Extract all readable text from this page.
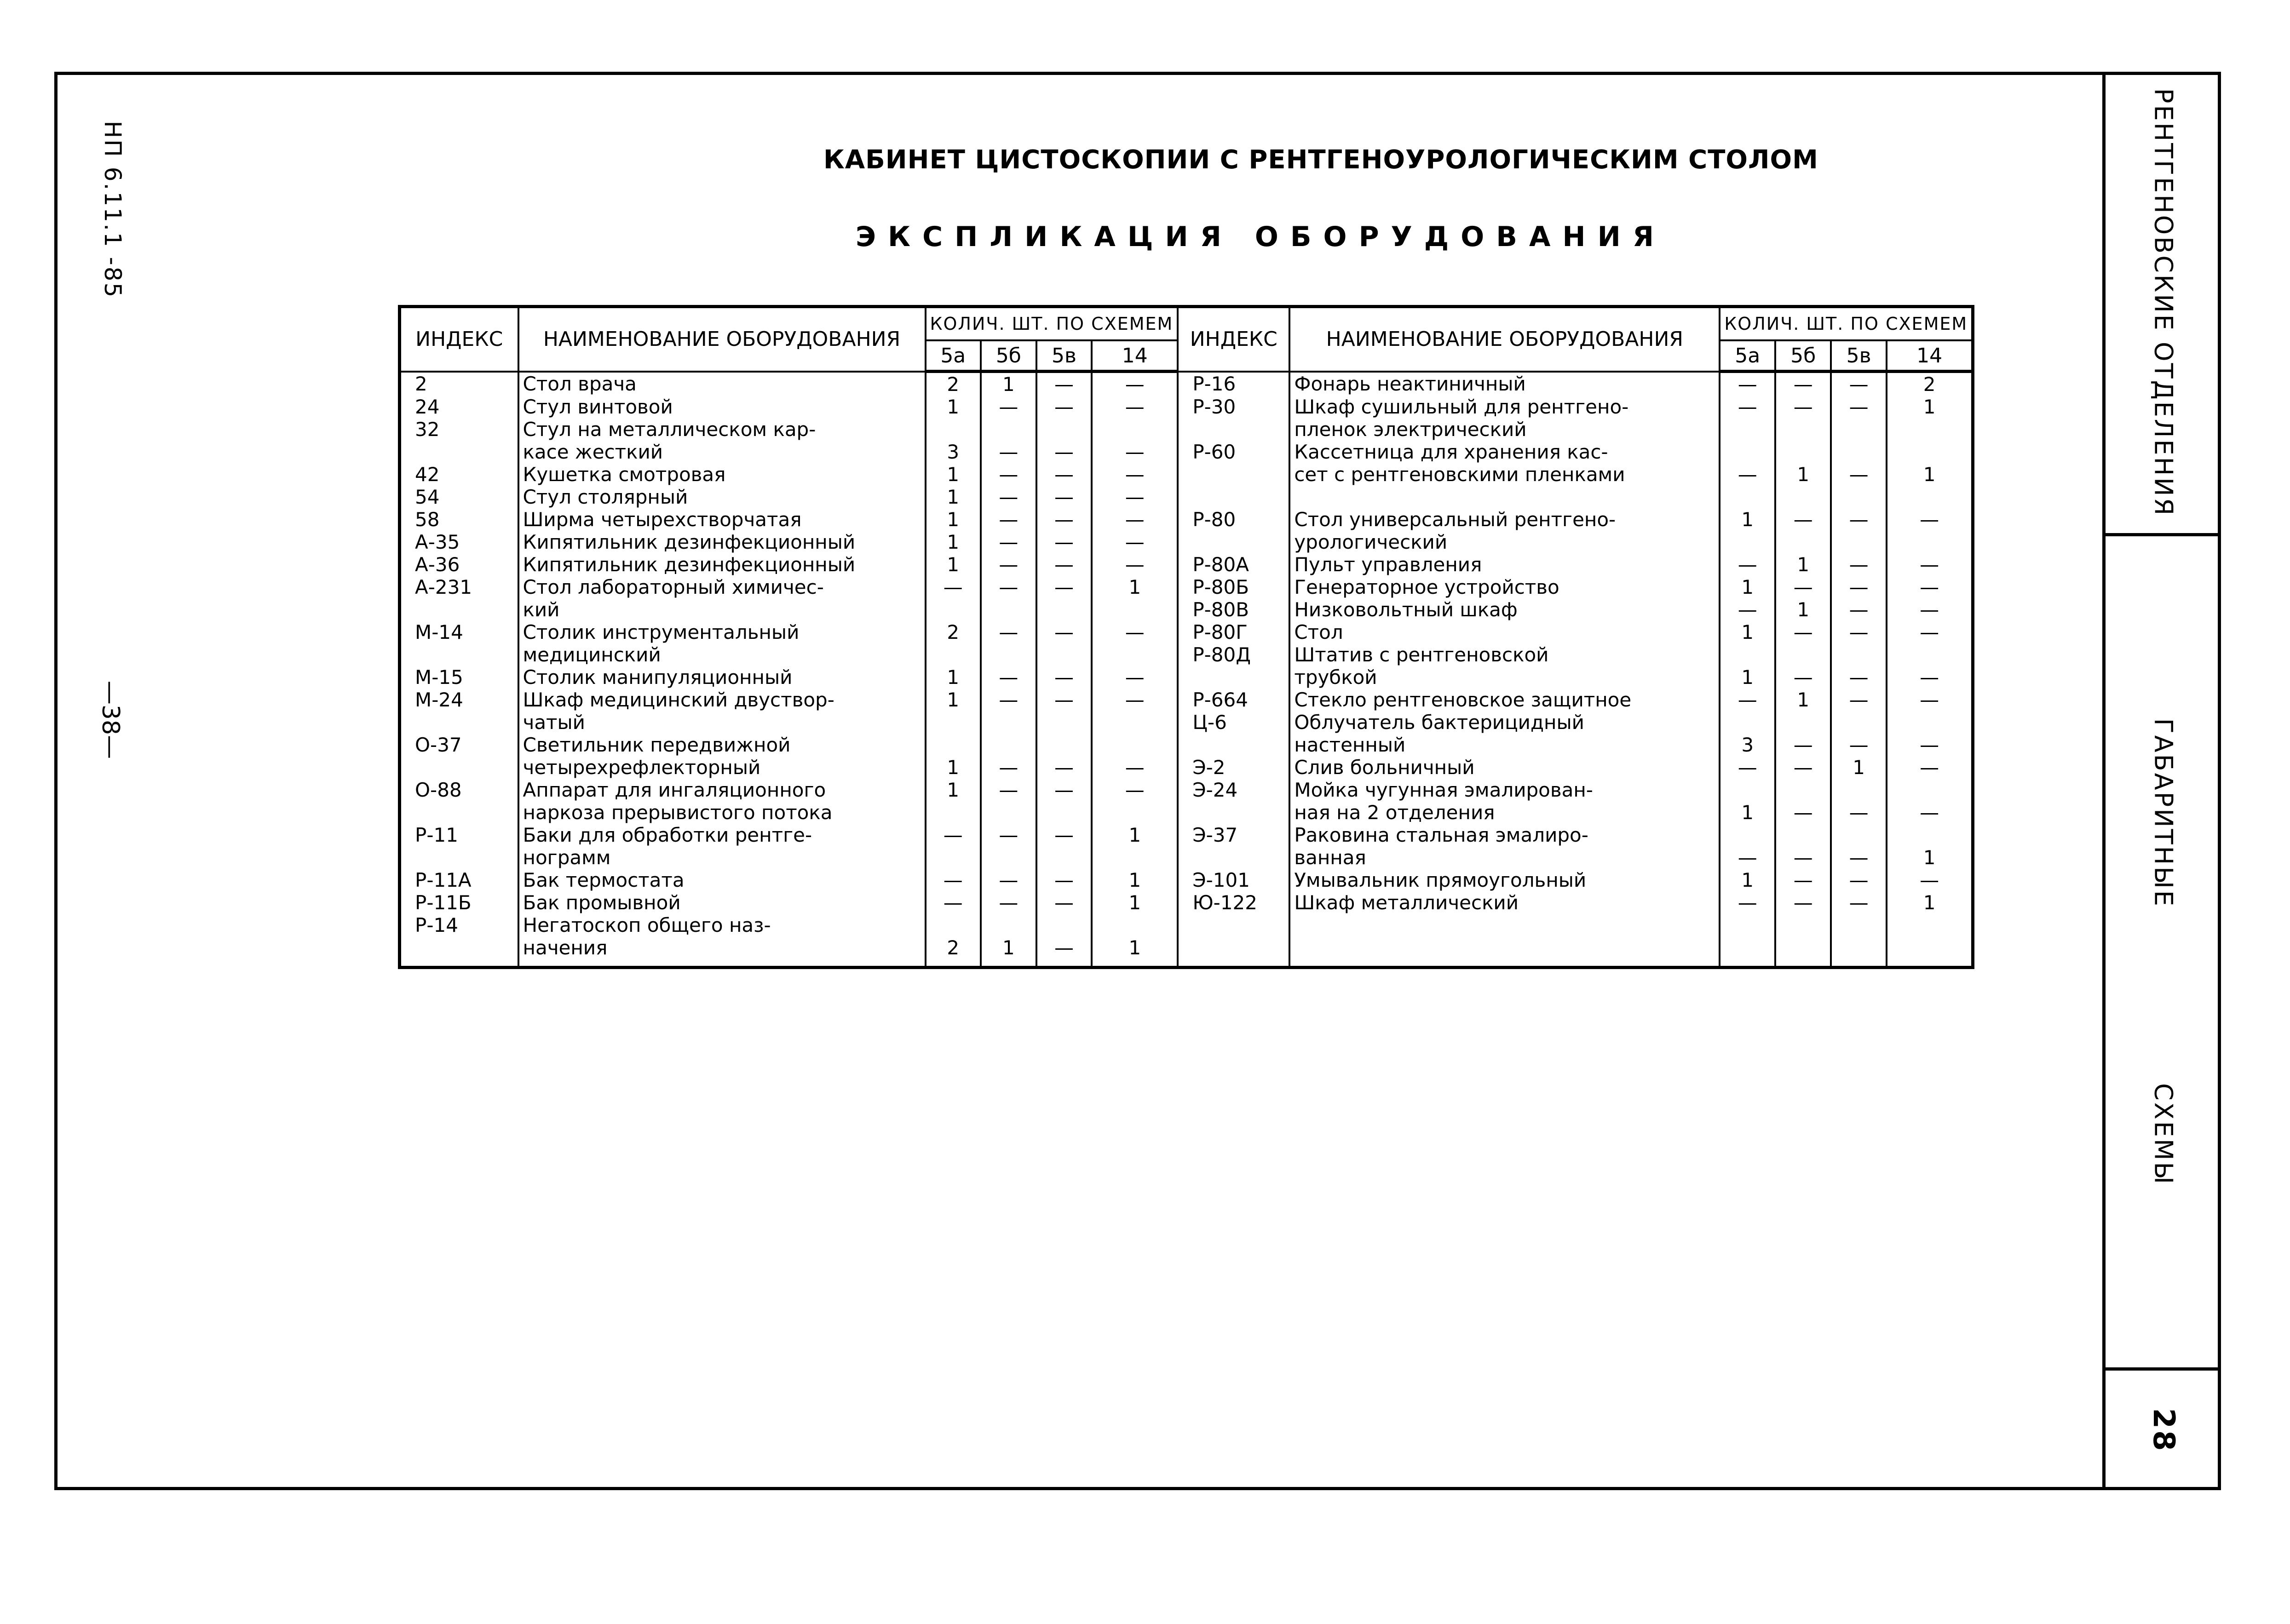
НП 6.11.1 -85
—38—
КАБИНЕТ ЦИСТОСКОПИИ С РЕНТГЕНОУРОЛОГИЧЕСКИМ СТОЛОМ
ЭКСПЛИКАЦИЯ ОБОРУДОВАНИЯ
ИНДЕКС	НАИМЕНОВАНИЕ ОБОРУДОВАНИЯ	КОЛИЧ. ШТ. ПО СХЕМЕМ				ИНДЕКС	НАИМЕНОВАНИЕ ОБОРУДОВАНИЯ	КОЛИЧ. ШТ. ПО СХЕМЕМ			
		5а	5б	5в	14			5а	5б	5в	14
2	Стол врача	2	1	—	—	Р-16	Фонарь неактиничный	—	—	—	2
24	Стул винтовой	1	—	—	—	Р-30	Шкаф сушильный для рентгено-	—	—	—	1
32	Стул на металлическом кар-						пленок электрический				
	касе жесткий	3	—	—	—	Р-60	Кассетница для хранения кас-				
42	Кушетка смотровая	1	—	—	—		сет с рентгеновскими пленками	—	1	—	1
54	Стул столярный	1	—	—	—						
58	Ширма четырехстворчатая	1	—	—	—	Р-80	Стол универсальный рентгено-	1	—	—	—
А-35	Кипятильник дезинфекционный	1	—	—	—		урологический				
А-36	Кипятильник дезинфекционный	1	—	—	—	Р-80А	Пульт управления	—	1	—	—
А-231	Стол лабораторный химичес-	—	—	—	1	Р-80Б	Генераторное устройство	1	—	—	—
	кий					Р-80В	Низковольтный шкаф	—	1	—	—
М-14	Столик инструментальный	2	—	—	—	Р-80Г	Стол	1	—	—	—
	медицинский					Р-80Д	Штатив с рентгеновской				
М-15	Столик манипуляционный	1	—	—	—		трубкой	1	—	—	—
М-24	Шкаф медицинский двуствор-	1	—	—	—	Р-664	Стекло рентгеновское защитное	—	1	—	—
	чатый					Ц-6	Облучатель бактерицидный				
О-37	Светильник передвижной						настенный	3	—	—	—
	четырехрефлекторный	1	—	—	—	Э-2	Слив больничный	—	—	1	—
О-88	Аппарат для ингаляционного	1	—	—	—	Э-24	Мойка чугунная эмалирован-				
	наркоза прерывистого потока						ная на 2 отделения	1	—	—	—
Р-11	Баки для обработки рентге-	—	—	—	1	Э-37	Раковина стальная эмалиро-				
	нограмм						ванная	—	—	—	1
Р-11А	Бак термостата	—	—	—	1	Э-101	Умывальник прямоугольный	1	—	—	—
Р-11Б	Бак промывной	—	—	—	1	Ю-122	Шкаф металлический	—	—	—	1
Р-14	Негатоскоп общего наз-										
	начения	2	1	—	1						
РЕНТГЕНОВСКИЕ ОТДЕЛЕНИЯ
ГАБАРИТНЫЕ СХЕМЫ
28
